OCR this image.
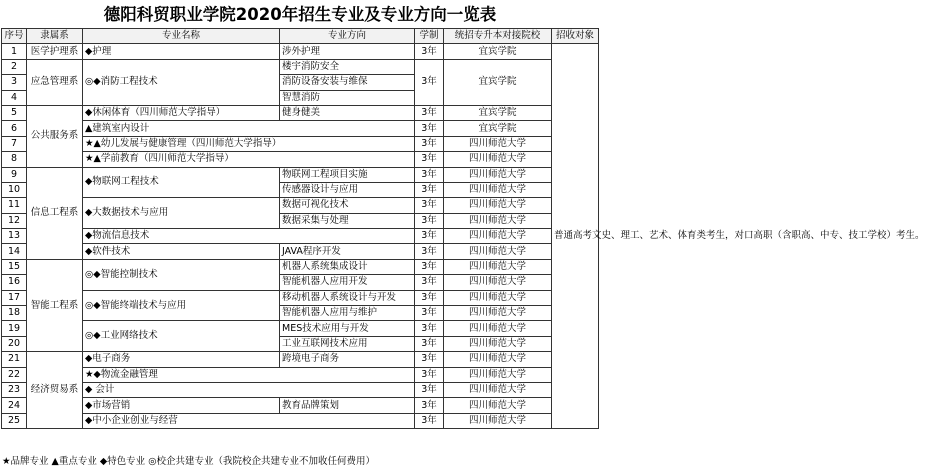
德阳科贸职业学院2020年招生专业及专业方向一览表
序号	隶属系	专业名称	专业方向	学制	统招专升本对接院校	招收对象
1	医学护理系	◆护理	涉外护理	3年	宜宾学院	普通高考文史、理工、艺术、体育类考生，对口高职（含职高、中专、技工学校）考生。
2	应急管理系	◎◆消防工程技术	楼宇消防安全	3年	宜宾学院	
3			消防设备安装与维保			
4			智慧消防			
5	公共服务系	◆休闲体育（四川师范大学指导）	健身健美	3年	宜宾学院	
6		▲建筑室内设计		3年	宜宾学院	
7		★▲幼儿发展与健康管理（四川师范大学指导）		3年	四川师范大学	
8		★▲学前教育（四川师范大学指导）		3年	四川师范大学	
9	信息工程系	◆物联网工程技术	物联网工程项目实施	3年	四川师范大学	
10			传感器设计与应用	3年	四川师范大学	
11		◆大数据技术与应用	数据可视化技术	3年	四川师范大学	
12			数据采集与处理	3年	四川师范大学	
13		◆物流信息技术		3年	四川师范大学	
14		◆软件技术	JAVA程序开发	3年	四川师范大学	
15	智能工程系	◎◆智能控制技术	机器人系统集成设计	3年	四川师范大学	
16			智能机器人应用开发	3年	四川师范大学	
17		◎◆智能终端技术与应用	移动机器人系统设计与开发	3年	四川师范大学	
18			智能机器人应用与维护	3年	四川师范大学	
19		◎◆工业网络技术	MES技术应用与开发	3年	四川师范大学	
20			工业互联网技术应用	3年	四川师范大学	
21	经济贸易系	◆电子商务	跨境电子商务	3年	四川师范大学	
22		★◆物流金融管理		3年	四川师范大学	
23		◆ 会计		3年	四川师范大学	
24		◆市场营销	教育品牌策划	3年	四川师范大学	
25		◆中小企业创业与经营		3年	四川师范大学	
★品牌专业 ▲重点专业 ◆特色专业 ◎校企共建专业（我院校企共建专业不加收任何费用）
